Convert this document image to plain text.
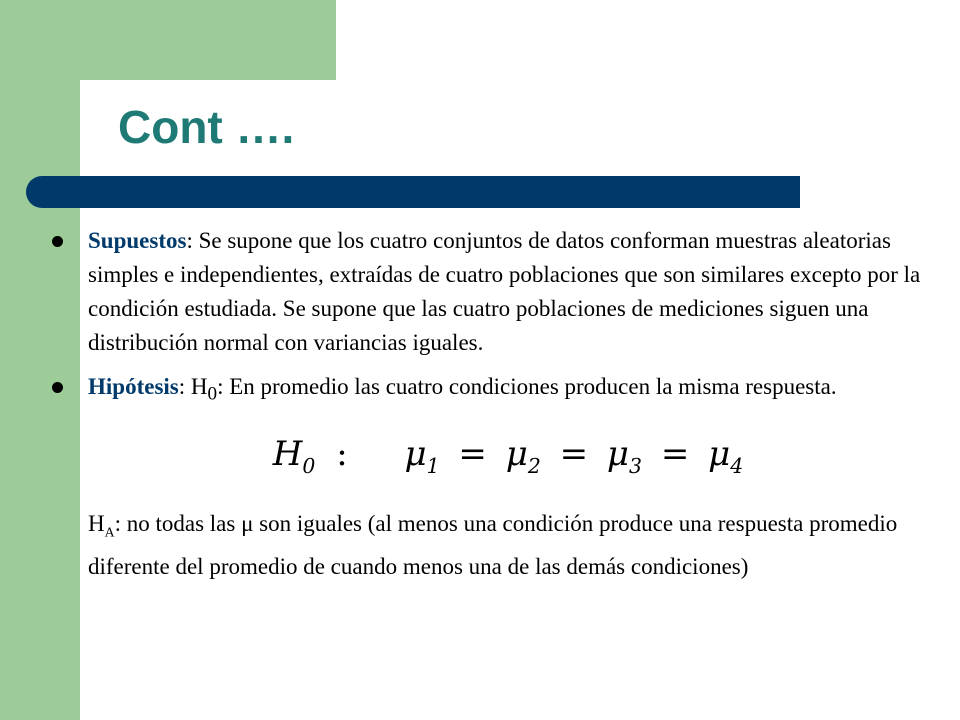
Cont ….
Supuestos: Se supone que los cuatro conjuntos de datos conforman muestras aleatorias simples e independientes, extraídas de cuatro poblaciones que son similares excepto por la condición estudiada. Se supone que las cuatro poblaciones de mediciones siguen una distribución normal con variancias iguales.
Hipótesis: $H_0$: En promedio las cuatro condiciones producen la misma respuesta.
$H_0$ : $\mu_1 = \mu_2 = \mu_3 = \mu_4$
$H_A$: no todas las μ son iguales (al menos una condición produce una respuesta promedio diferente del promedio de cuando menos una de las demás condiciones)
